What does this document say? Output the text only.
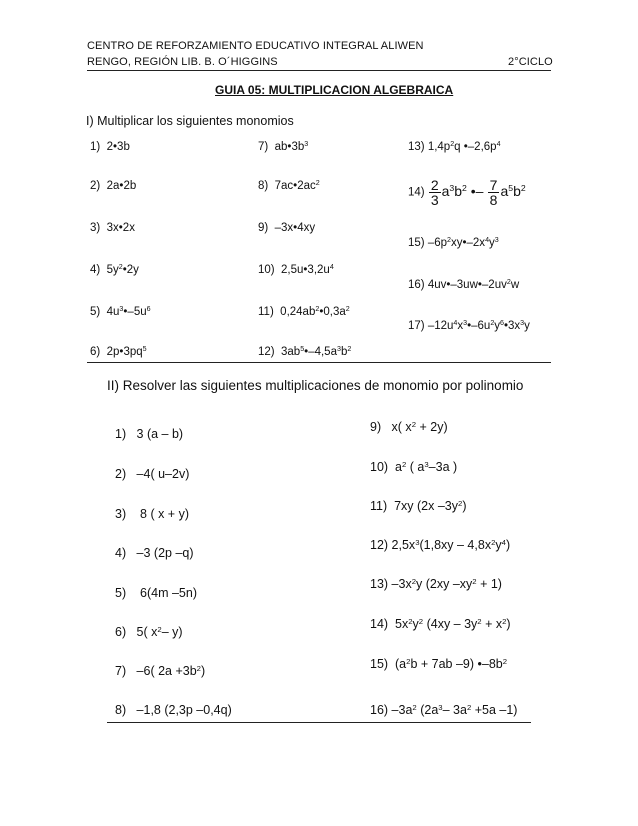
CENTRO DE REFORZAMIENTO EDUCATIVO INTEGRAL ALIWEN
RENGO, REGIÓN LIB. B. O´HIGGINS	2°CICLO
GUIA 05: MULTIPLICACION ALGEBRAICA
I) Multiplicar los siguientes monomios
1)  2•3b
2)  2a•2b
3)  3x•2x
4)  $5y^2•2y$
5)  $4u^3•-5u^6$
6)  $2p•3pq^5$
7)  $ab•3b^3$
8)  $7ac•2ac^2$
9)  –3x•4xy
10)  $2,5u•3,2u^4$
11)  $0,24ab^2•0,3a^2$
12)  $3ab^5•-4,5a^3b^2$
13) $1,4p^2q$ $•-2,6p^4$
$14) \frac{2}{3} a^3b^2$ •– $\frac{7}{8} a^5b^2$
15) $-6p^2xy•-2x^4y^3$
16) $4uv•-3uw•-2uv^2w$
17) $-12u^4x^3•-6u^2y^6•3x^3y$
II) Resolver las siguientes multiplicaciones de monomio por polinomio
1)   3 (a – b)
2)   –4( u–2v)
3)    8 ( x + y)
4)   –3 (2p –q)
5)    6(4m –5n)
6)   5( $x^2-$ y)
7)   –6( $2a +3b^2$)
8)   –1,8 (2,3p –0,4q)
9)   x( $x^2 + 2y$)
10)  $a^2$ ( $a^3-3a$ )
11)  7xy (2x $-3y^2$)
12) $2,5x^3(1,8xy - 4,8x^2y^4)$
13) $-3x^2y$ (2xy $-xy^2 + 1$)
14)  $5x^2y^2$ $(4xy - 3y^2 + x^2)$
15)  ($a^2b + 7ab$ –9) $•-8b^2$
16) $-3a^2$ ($2a^3-$ $3a^2 +5a$ –1)
